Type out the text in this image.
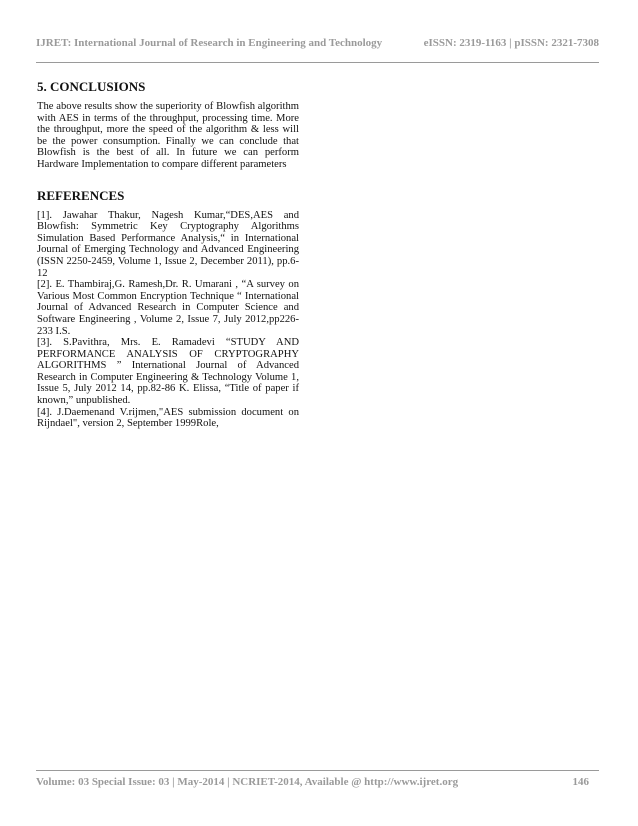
IJRET: International Journal of Research in Engineering and Technology	eISSN: 2319-1163 | pISSN: 2321-7308
5. CONCLUSIONS

The above results show the superiority of Blowfish algorithm with AES in terms of the throughput, processing time. More the throughput, more the speed of the algorithm & less will be the power consumption. Finally we can conclude that Blowfish is the best of all. In future we can perform Hardware Implementation to compare different parameters

REFERENCES

[1]. Jawahar Thakur, Nagesh Kumar,“DES,AES and Blowfish: Symmetric Key Cryptography Algorithms Simulation Based Performance Analysis,“ in International Journal of Emerging Technology and Advanced Engineering (ISSN 2250-2459, Volume 1, Issue 2, December 2011), pp.6-12

[2]. E. Thambiraj,G. Ramesh,Dr. R. Umarani , “A survey on Various Most Common Encryption Technique “ International Journal of Advanced Research in Computer Science and Software Engineering , Volume 2, Issue 7, July 2012,pp226-233 I.S.

[3]. S.Pavithra, Mrs. E. Ramadevi “STUDY AND PERFORMANCE ANALYSIS OF CRYPTOGRAPHY ALGORITHMS ” International Journal of Advanced Research in Computer Engineering & Technology Volume 1, Issue 5, July 2012 14, pp.82-86 K. Elissa, “Title of paper if known,” unpublished.

[4]. J.Daemenand V.rijmen,"AES submission document on Rijndael", version 2, September 1999Role,

Volume: 03 Special Issue: 03 | May-2014 | NCRIET-2014, Available @ http://www.ijret.org	146
